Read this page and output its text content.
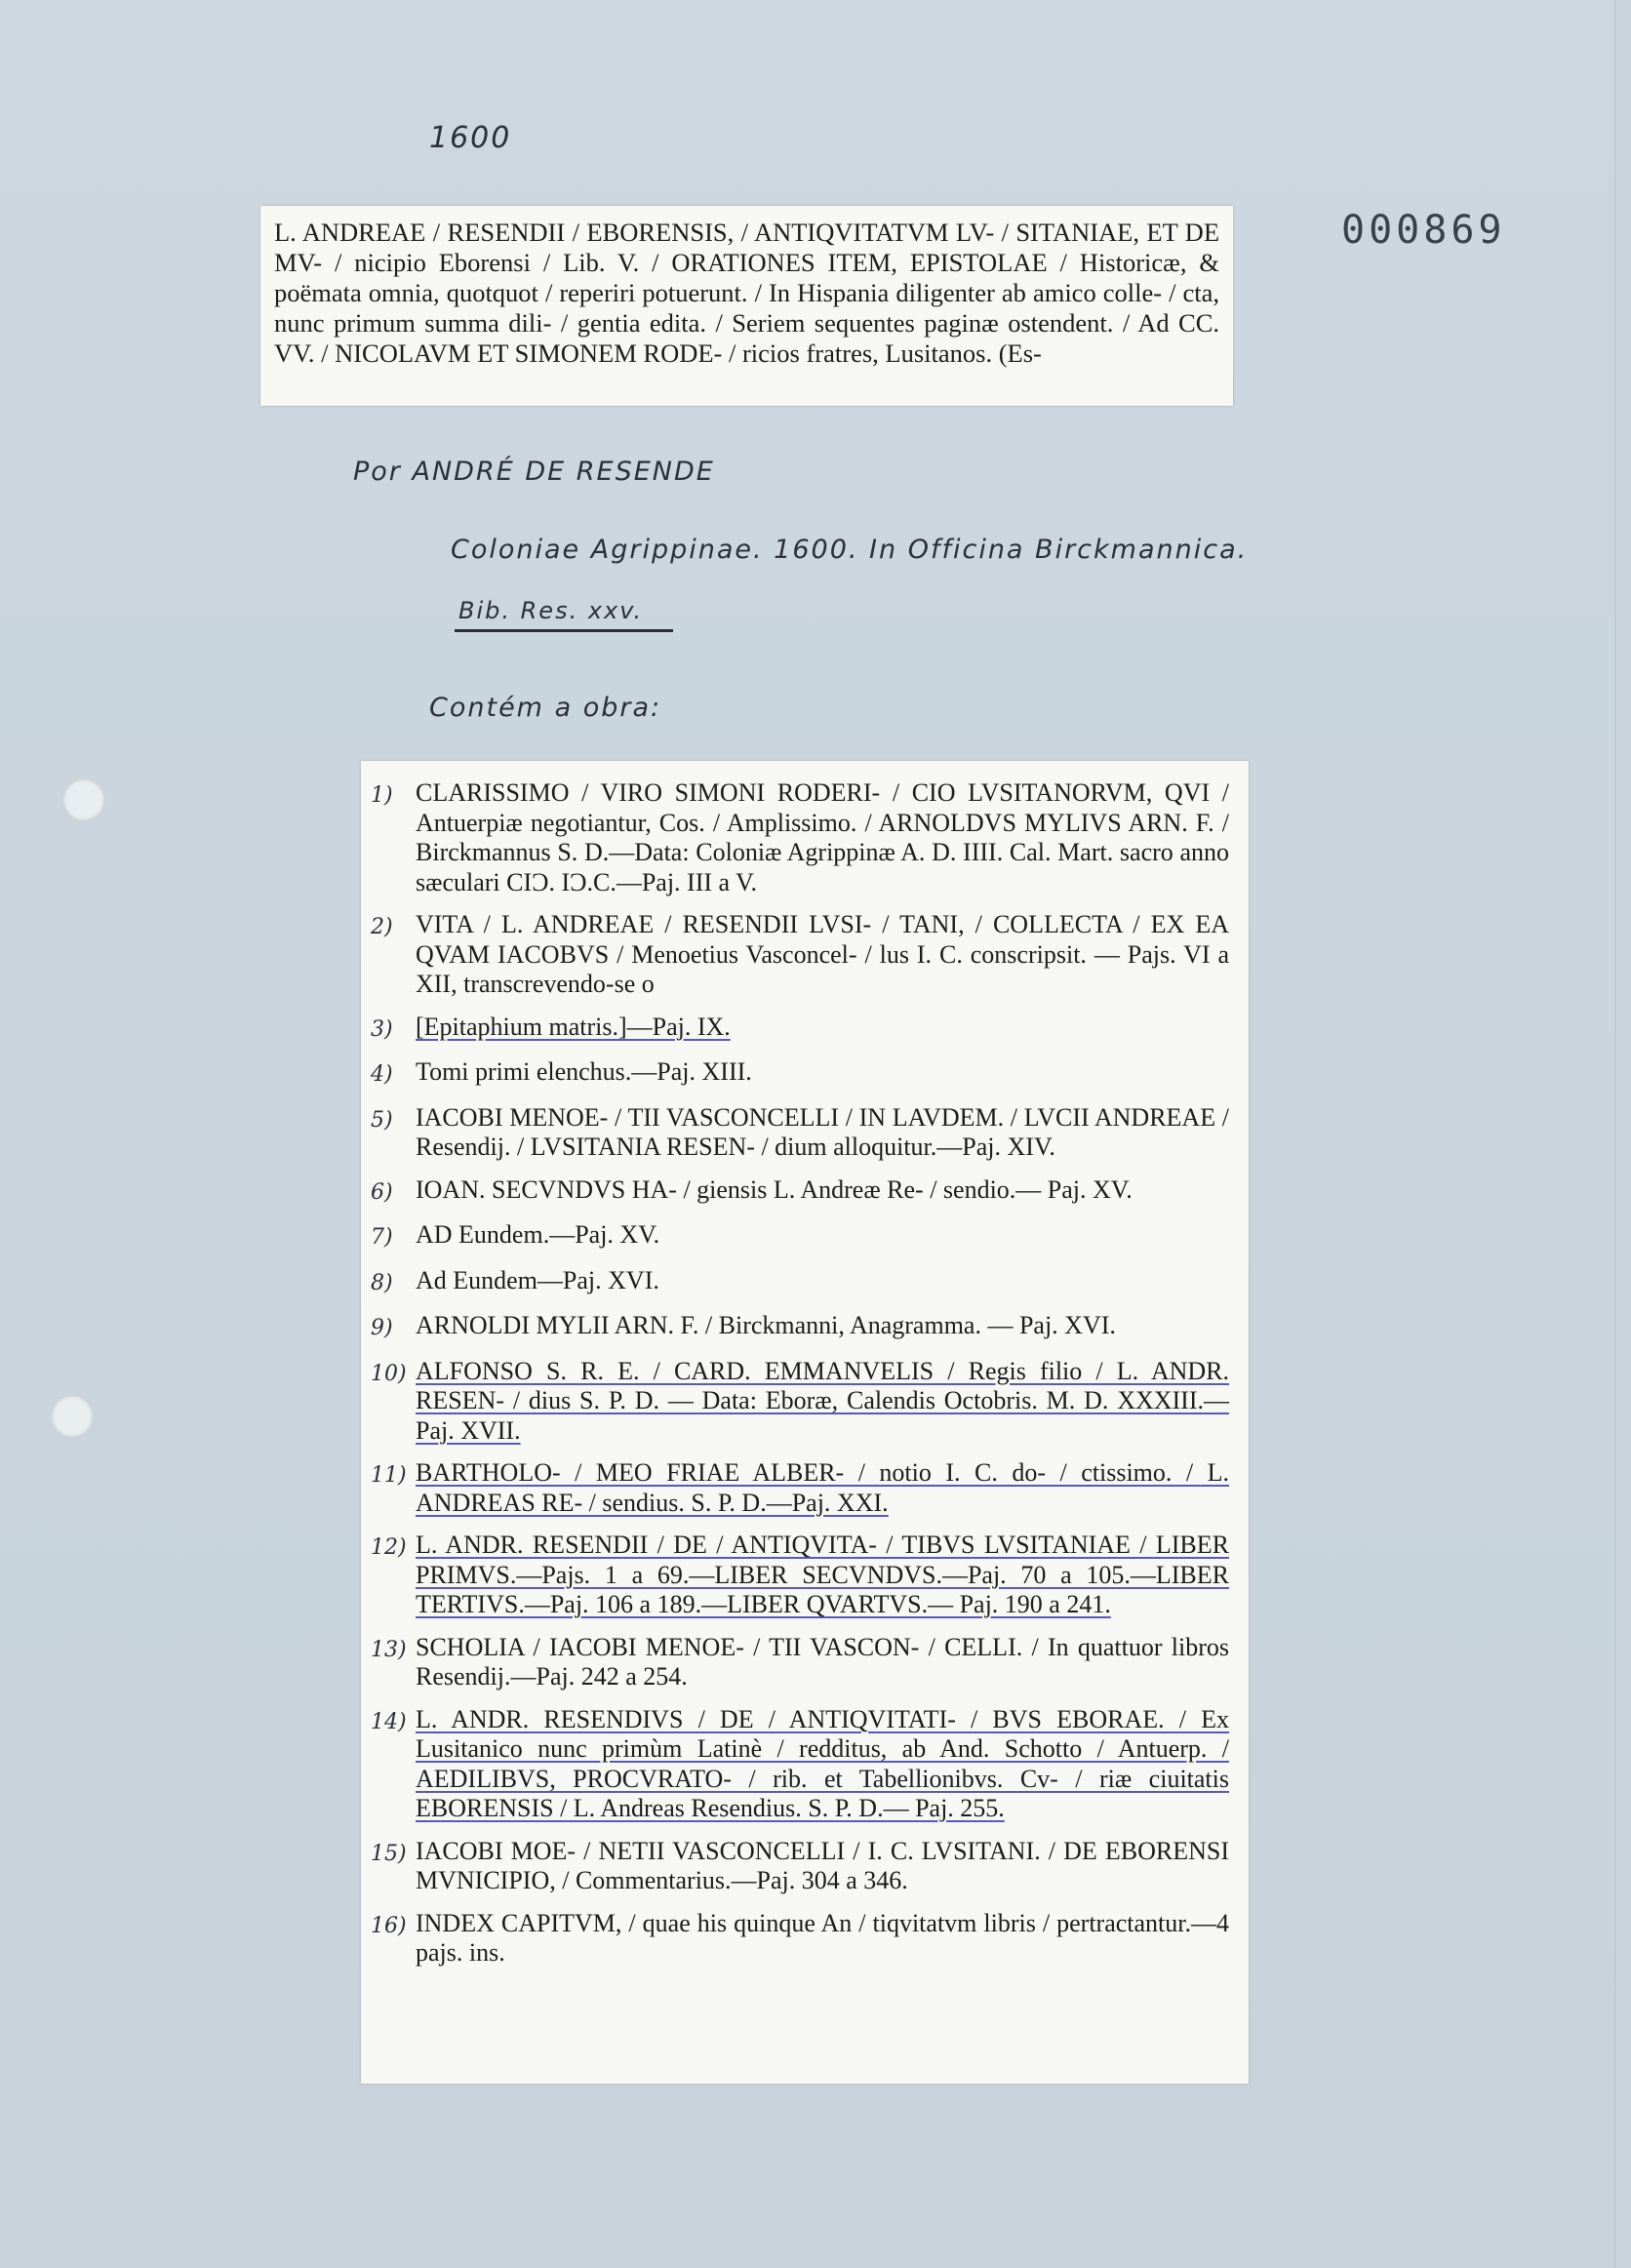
1600
000869

L. ANDREAE / RESENDII / EBORENSIS, / ANTIQVITATVM LV- / SITANIAE, ET DE MV- / nicipio Eborensi / Lib. V. / ORATIONES ITEM, EPISTOLAE / Historicæ, & poëmata omnia, quotquot / reperiri potuerunt. / In Hispania diligenter ab amico colle- / cta, nunc primum summa dili- / gentia edita. / Seriem sequentes paginæ ostendent. / Ad CC. VV. / NICOLAVM ET SIMONEM RODE- / ricios fratres, Lusitanos. (Es-

Por ANDRÉ DE RESENDE
Coloniae Agrippinae. 1600. In Officina Birckmannica.
Bib. Res. xxv.
Contém a obra:
1) CLARISSIMO / VIRO SIMONI RODERI- / CIO LVSITANORVM, QVI / Antuerpiæ negotiantur, Cos. / Amplissimo. / ARNOLDVS MYLIVS ARN. F. / Birckmannus S. D.—Data: Coloniæ Agrippinæ A. D. IIII. Cal. Mart. sacro anno sæculari CIƆ. IƆ.C.—Paj. III a V.

2) VITA / L. ANDREAE / RESENDII LVSI- / TANI, / COLLECTA / EX EA QVAM IACOBVS / Menoetius Vasconcel- / lus I. C. conscripsit. — Pajs. VI a XII, transcrevendo-se o

3) [Epitaphium matris.]—Paj. IX.

4) Tomi primi elenchus.—Paj. XIII.

5) IACOBI MENOE- / TII VASCONCELLI / IN LAVDEM. / LVCII ANDREAE / Resendij. / LVSITANIA RESEN- / dium alloquitur.—Paj. XIV.

6) IOAN. SECVNDVS HA- / giensis L. Andreæ Re- / sendio.— Paj. XV.

7) AD Eundem.—Paj. XV.

8) Ad Eundem—Paj. XVI.

9) ARNOLDI MYLII ARN. F. / Birckmanni, Anagramma. — Paj. XVI.

10) ALFONSO S. R. E. / CARD. EMMANVELIS / Regis filio / L. ANDR. RESEN- / dius S. P. D. — Data: Eboræ, Calendis Octobris. M. D. XXXIII.—Paj. XVII.

11) BARTHOLO- / MEO FRIAE ALBER- / notio I. C. do- / ctissimo. / L. ANDREAS RE- / sendius. S. P. D.—Paj. XXI.

12) L. ANDR. RESENDII / DE / ANTIQVITA- / TIBVS LVSITANIAE / LIBER PRIMVS.—Pajs. 1 a 69.—LIBER SECVNDVS.—Paj. 70 a 105.—LIBER TERTIVS.—Paj. 106 a 189.—LIBER QVARTVS.— Paj. 190 a 241.

13) SCHOLIA / IACOBI MENOE- / TII VASCON- / CELLI. / In quattuor libros Resendij.—Paj. 242 a 254.

14) L. ANDR. RESENDIVS / DE / ANTIQVITATI- / BVS EBORAE. / Ex Lusitanico nunc primùm Latinè / redditus, ab And. Schotto / Antuerp. / AEDILIBVS, PROCVRATO- / rib. et Tabellionibvs. Cv- / riæ ciuitatis EBORENSIS / L. Andreas Resendius. S. P. D.— Paj. 255.

15) IACOBI MOE- / NETII VASCONCELLI / I. C. LVSITANI. / DE EBORENSI MVNICIPIO, / Commentarius.—Paj. 304 a 346.

16) INDEX CAPITVM, / quae his quinque An / tiqvitatvm libris / pertractantur.—4 pajs. ins.
